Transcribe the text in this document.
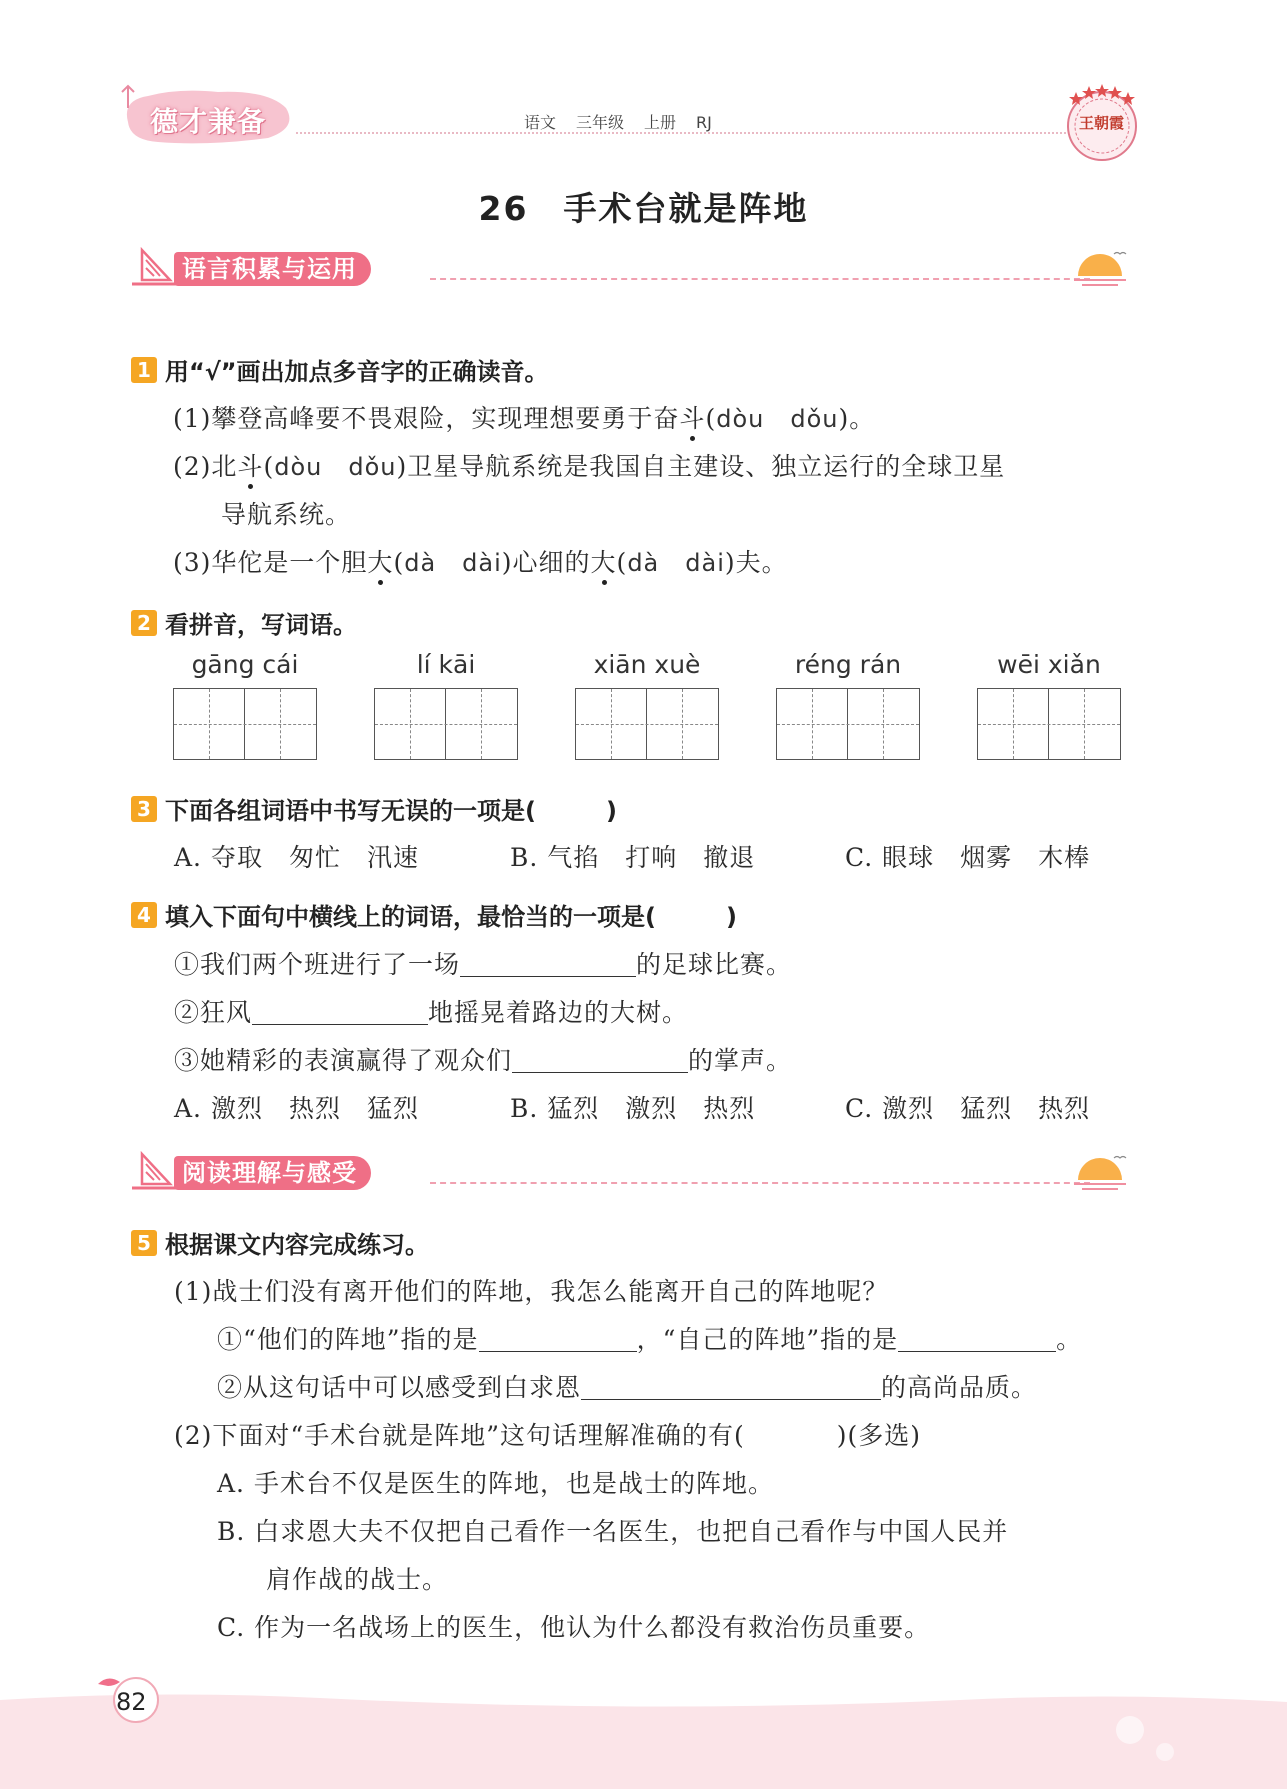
德才兼备	语文 三年级 上册 RJ	王朝霞
26　手术台就是阵地
语言积累与运用
1 用“√”画出加点多音字的正确读音。
(1)攀登高峰要不畏艰险，实现理想要勇于奋斗(dòu dǒu)。
(2)北斗(dòu dǒu)卫星导航系统是我国自主建设、独立运行的全球卫星
导航系统。
(3)华佗是一个胆大(dà dài)心细的大(dà dài)夫。
2 看拼音，写词语。
gāng cái	lí kāi	xiān xuè	réng rán	wēi xiǎn
3 下面各组词语中书写无误的一项是(	)
A. 夺取　匆忙　汛速	B. 气掐　打响　撤退	C. 眼球　烟雾　木棒
4 填入下面句中横线上的词语，最恰当的一项是(	)
①我们两个班进行了一场	的足球比赛。
②狂风	地摇晃着路边的大树。
③她精彩的表演赢得了观众们	的掌声。
A. 激烈　热烈　猛烈	B. 猛烈　激烈　热烈	C. 激烈　猛烈　热烈
阅读理解与感受
5 根据课文内容完成练习。
(1)战士们没有离开他们的阵地，我怎么能离开自己的阵地呢？
①“他们的阵地”指的是	，“自己的阵地”指的是	。
②从这句话中可以感受到白求恩	的高尚品质。
(2)下面对“手术台就是阵地”这句话理解准确的有(	)(多选)
A. 手术台不仅是医生的阵地，也是战士的阵地。
B. 白求恩大夫不仅把自己看作一名医生，也把自己看作与中国人民并
肩作战的战士。
C. 作为一名战场上的医生，他认为什么都没有救治伤员重要。
82
